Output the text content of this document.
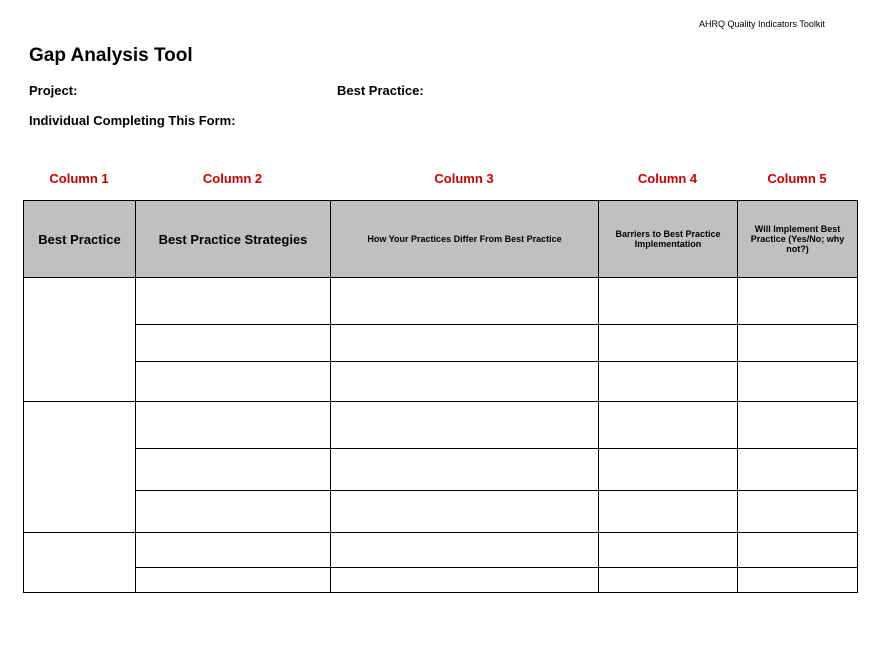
AHRQ Quality Indicators Toolkit
Gap Analysis Tool
Project:	Best Practice:
Individual Completing This Form:
Column 1	Column 2	Column 3	Column 4	Column 5
Best Practice	Best Practice Strategies	How Your Practices Differ From Best Practice	Barriers to Best Practice Implementation	Will Implement Best Practice (Yes/No; why not?)
